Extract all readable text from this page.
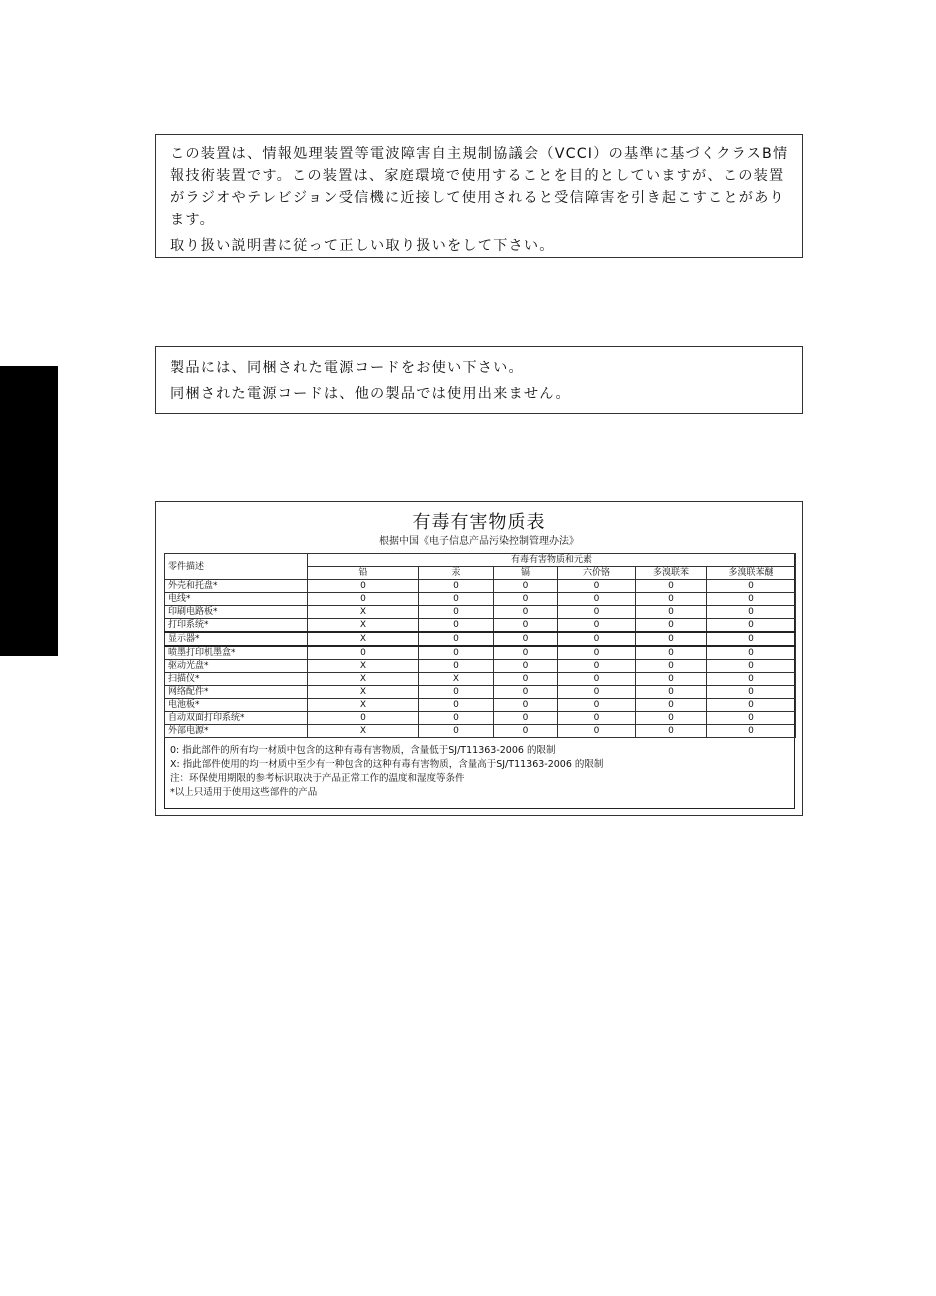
この装置は、情報処理装置等電波障害自主規制協議会（VCCI）の基準に基づくクラスB情報技術装置です。この装置は、家庭環境で使用することを目的としていますが、この装置がラジオやテレビジョン受信機に近接して使用されると受信障害を引き起こすことがあります。

取り扱い説明書に従って正しい取り扱いをして下さい。

製品には、同梱された電源コードをお使い下さい。

同梱された電源コードは、他の製品では使用出来ません。

有毒有害物质表
根据中国《电子信息产品污染控制管理办法》
零件描述	有毒有害物质和元素					
	铅	汞	镉	六价铬	多溴联苯	多溴联苯醚
外壳和托盘*	0	0	0	0	0	0
电线*	0	0	0	0	0	0
印刷电路板*	X	0	0	0	0	0
打印系统*	X	0	0	0	0	0
显示器*	X	0	0	0	0	0
喷墨打印机墨盒*	0	0	0	0	0	0
驱动光盘*	X	0	0	0	0	0
扫描仪*	X	X	0	0	0	0
网络配件*	X	0	0	0	0	0
电池板*	X	0	0	0	0	0
自动双面打印系统*	0	0	0	0	0	0
外部电源*	X	0	0	0	0	0
0: 指此部件的所有均一材质中包含的这种有毒有害物质，含量低于SJ/T11363-2006 的限制
X: 指此部件使用的均一材质中至少有一种包含的这种有毒有害物质，含量高于SJ/T11363-2006 的限制
注：环保使用期限的参考标识取决于产品正常工作的温度和湿度等条件
*以上只适用于使用这些部件的产品
